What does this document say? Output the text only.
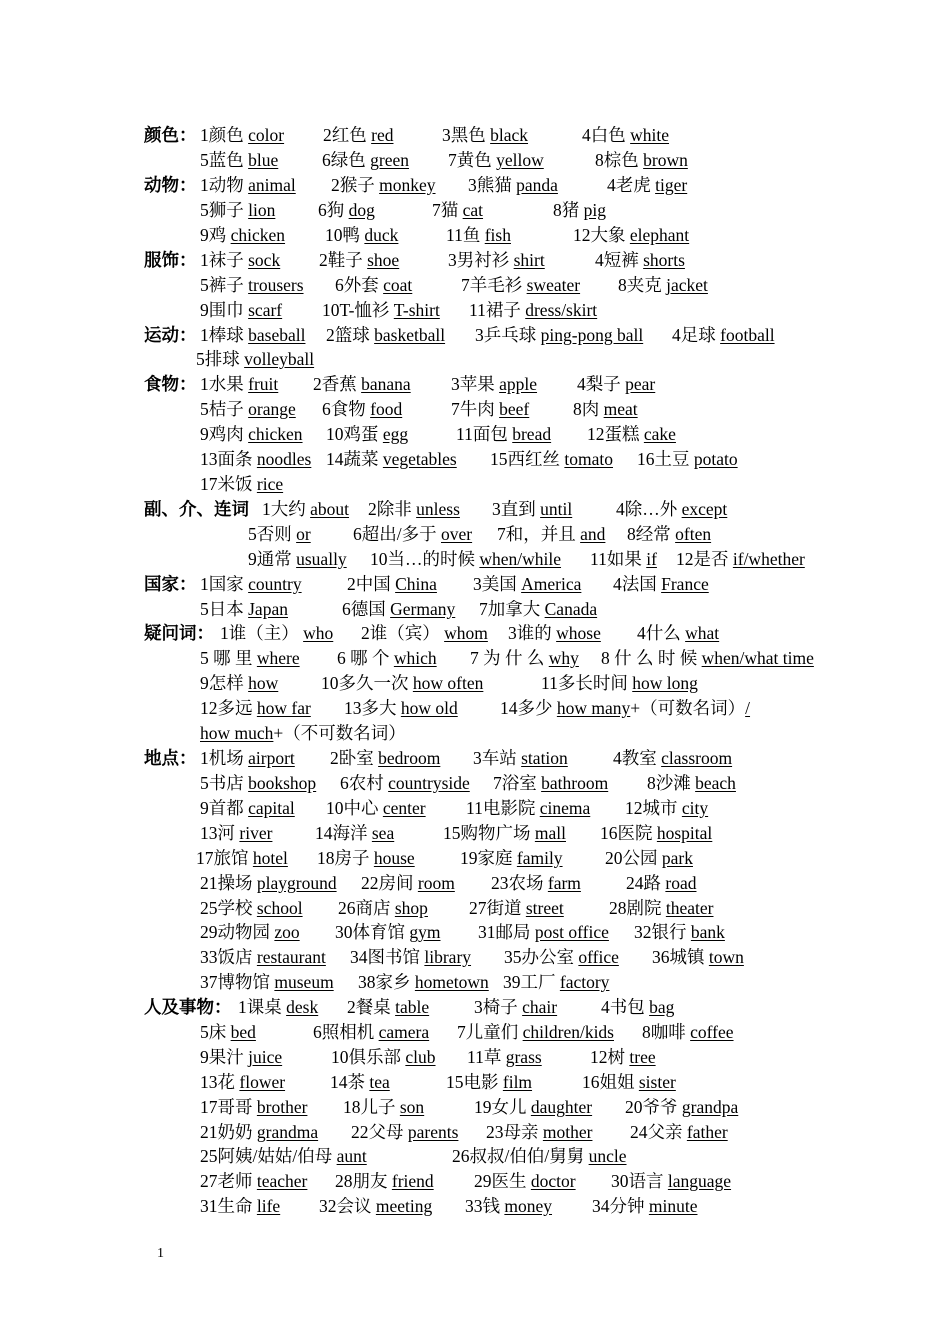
颜色： 1颜色 color 2红色 red	3黑色 black	4白色 white
5蓝色 blue 6绿色 green 7黄色 yellow	8棕色 brown
动物： 1动物 animal 2猴子 monkey 3熊猫 panda	4老虎 tiger
5狮子 lion 6狗 dog	7猫 cat	8猪 pig
9鸡 chicken 10鸭 duck	11鱼 fish	12大象 elephant
服饰： 1袜子 sock 2鞋子 shoe	3男衬衫 shirt	4短裤 shorts
5裤子 trousers 6外套 coat	7羊毛衫 sweater 8夹克 jacket
9围巾 scarf 10T-恤衫 T-shirt 11裙子 dress/skirt
运动： 1棒球 baseball 2篮球 basketball 3乒乓球 ping-pong ball 4足球 football
5排球 volleyball
食物： 1水果 fruit 2香蕉 banana 3苹果 apple 4梨子 pear
5桔子 orange 6食物 food	7牛肉 beef	8肉 meat
9鸡肉 chicken 10鸡蛋 egg	11面包 bread 12蛋糕 cake
13面条 noodles 14蔬菜 vegetables 15西红丝 tomato 16土豆 potato
17米饭 rice
副、介、连词 1大约 about 2除非 unless 3直到 until	4除…外 except
5否则 or 6超出/多于 over 7和，并且 and 8经常 often
9通常 usually 10当…的时候 when/while 11如果 if 12是否 if/whether
国家： 1国家 country	2中国 China 3美国 America 4法国 France
5日本 Japan	6德国 Germany 7加拿大 Canada
疑问词： 1谁（主） who 2谁（宾） whom 3谁的 whose 4什么 what
5 哪 里 where 6 哪 个 which 7 为 什 么 why 8 什 么 时 候 when/what time
9怎样 how 10多久一次 how often	11多长时间 how long
12多远 how far 13多大 how old 14多少 how many+（可数名词）/
how much+（不可数名词）
地点： 1机场 airport 2卧室 bedroom 3车站 station	4教室 classroom
5书店 bookshop 6农村 countryside 7浴室 bathroom 8沙滩 beach
9首都 capital 10中心 center 11电影院 cinema 12城市 city
13河 river 14海洋 sea	15购物广场 mall 16医院 hospital
17旅馆 hotel 18房子 house	19家庭 family 20公园 park
21操场 playground 22房间 room 23农场 farm	24路 road
25学校 school 26商店 shop 27街道 street	28剧院 theater
29动物园 zoo 30体育馆 gym 31邮局 post office 32银行 bank
33饭店 restaurant 34图书馆 library 35办公室 office 36城镇 town
37博物馆 museum 38家乡 hometown 39工厂 factory
人及事物： 1课桌 desk 2餐桌 table	3椅子 chair	4书包 bag
5床 bed	6照相机 camera 7儿童们 children/kids 8咖啡 coffee
9果汁 juice	10俱乐部 club 11草 grass	12树 tree
13花 flower	14茶 tea	15电影 film	16姐姐 sister
17哥哥 brother 18儿子 son	19女儿 daughter 20爷爷 grandpa
21奶奶 grandma 22父母 parents 23母亲 mother 24父亲 father
25阿姨/姑姑/伯母 aunt	26叔叔/伯伯/舅舅 uncle
27老师 teacher 28朋友 friend 29医生 doctor 30语言 language
31生命 life 32会议 meeting 33钱 money 34分钟 minute
1
